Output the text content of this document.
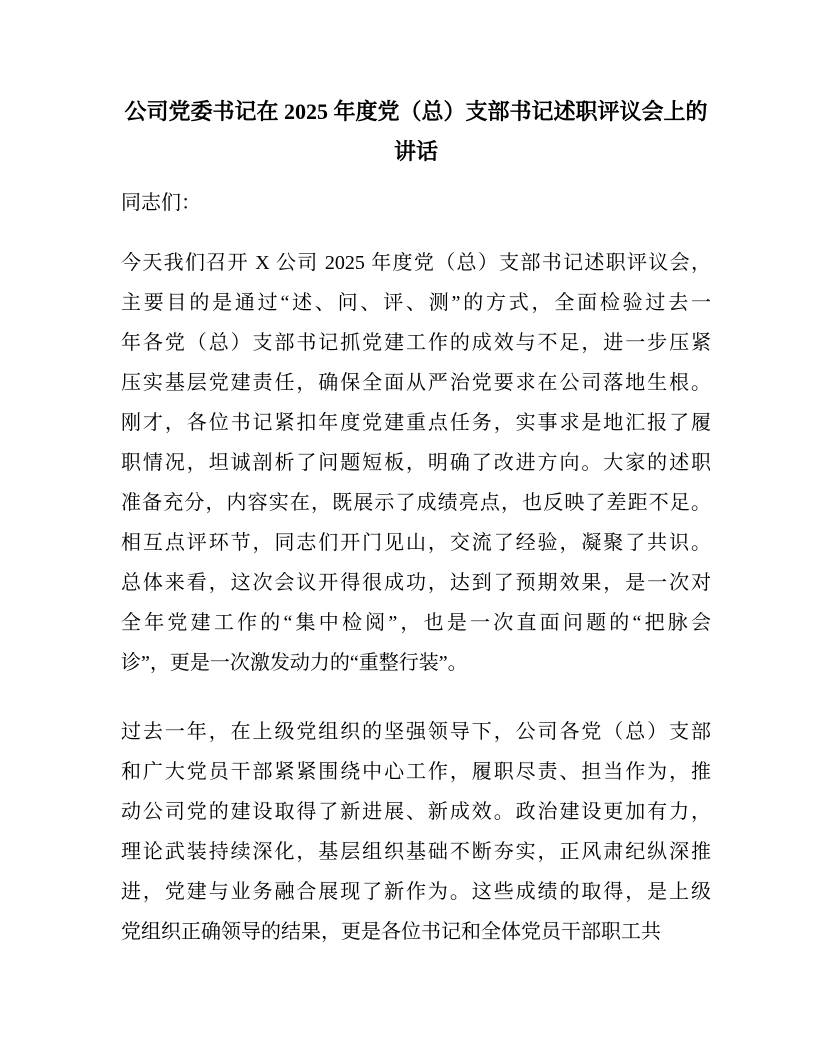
公司党委书记在 2025 年度党（总）支部书记述职评议会上的
讲话
同志们：
今天我们召开 X 公司 2025 年度党（总）支部书记述职评议会，
主要目的是通过“述、问、评、测”的方式，全面检验过去一
年各党（总）支部书记抓党建工作的成效与不足，进一步压紧
压实基层党建责任，确保全面从严治党要求在公司落地生根。
刚才，各位书记紧扣年度党建重点任务，实事求是地汇报了履
职情况，坦诚剖析了问题短板，明确了改进方向。大家的述职
准备充分，内容实在，既展示了成绩亮点，也反映了差距不足。
相互点评环节，同志们开门见山，交流了经验，凝聚了共识。
总体来看，这次会议开得很成功，达到了预期效果，是一次对
全年党建工作的“集中检阅”，也是一次直面问题的“把脉会
诊”，更是一次激发动力的“重整行装”。
过去一年，在上级党组织的坚强领导下，公司各党（总）支部
和广大党员干部紧紧围绕中心工作，履职尽责、担当作为，推
动公司党的建设取得了新进展、新成效。政治建设更加有力，
理论武装持续深化，基层组织基础不断夯实，正风肃纪纵深推
进，党建与业务融合展现了新作为。这些成绩的取得，是上级
党组织正确领导的结果，更是各位书记和全体党员干部职工共
